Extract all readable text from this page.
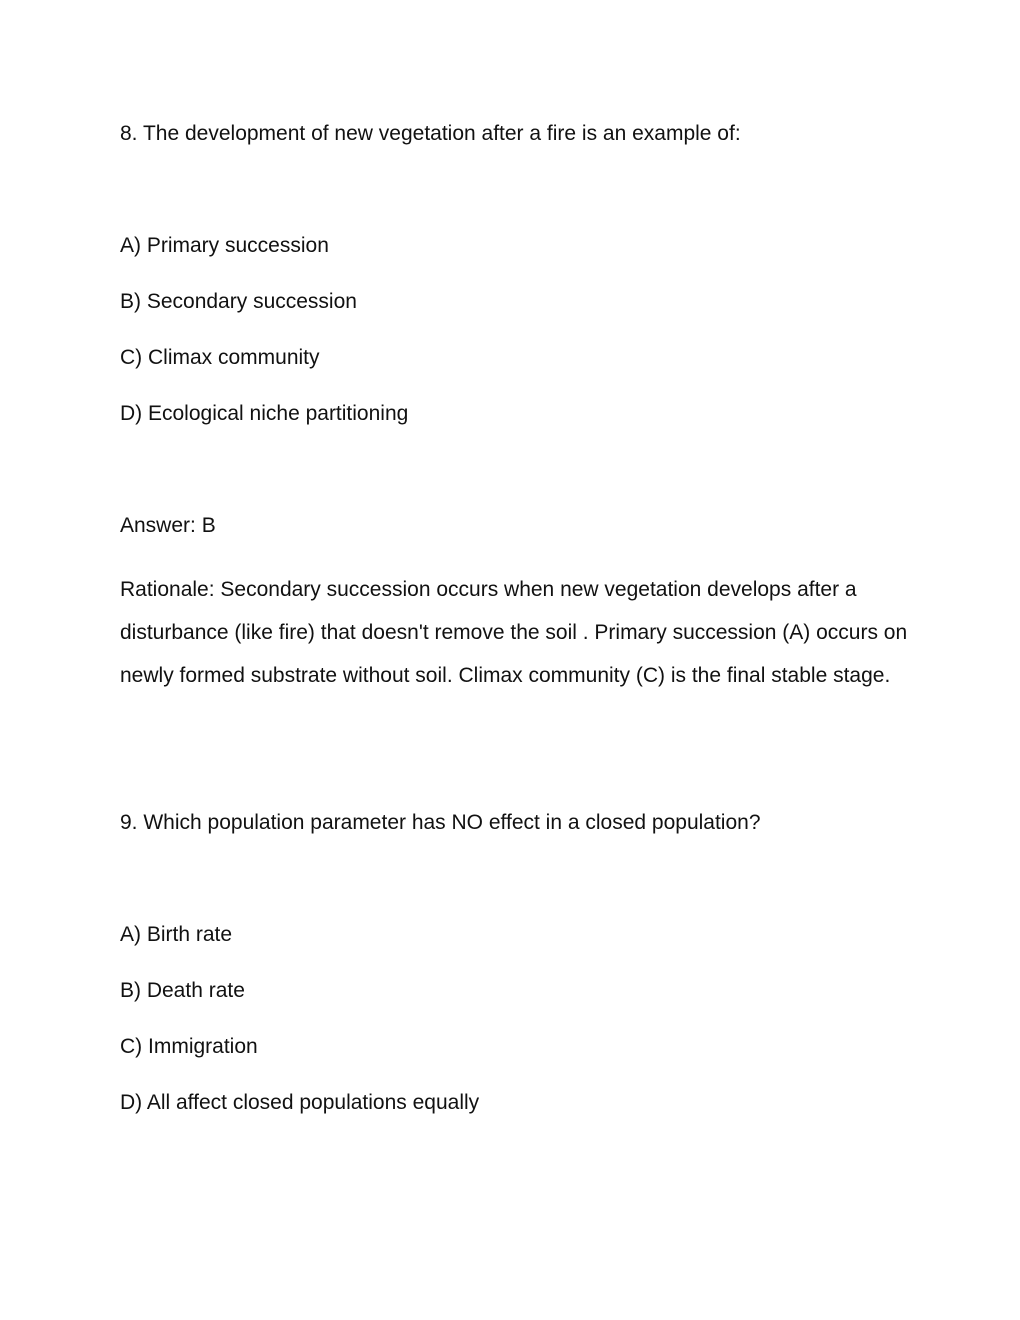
8. The development of new vegetation after a fire is an example of:

A) Primary succession

B) Secondary succession

C) Climax community

D) Ecological niche partitioning

Answer: B

Rationale: Secondary succession occurs when new vegetation develops after a disturbance (like fire) that doesn't remove the soil . Primary succession (A) occurs on newly formed substrate without soil. Climax community (C) is the final stable stage.

9. Which population parameter has NO effect in a closed population?

A) Birth rate

B) Death rate

C) Immigration

D) All affect closed populations equally
